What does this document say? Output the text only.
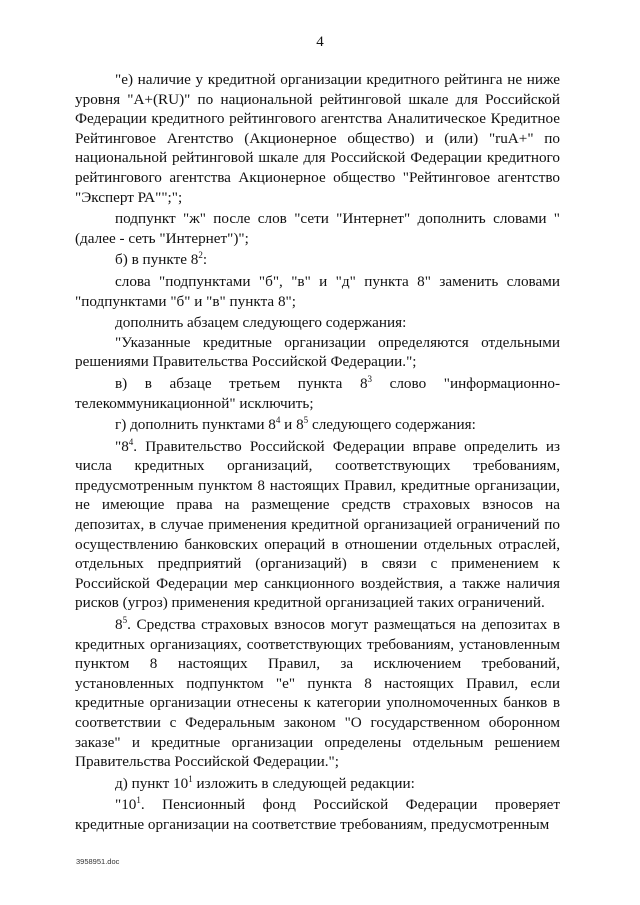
4

"е) наличие у кредитной организации кредитного рейтинга не ниже уровня "A+(RU)" по национальной рейтинговой шкале для Российской Федерации кредитного рейтингового агентства Аналитическое Кредитное Рейтинговое Агентство (Акционерное общество) и (или) "ruA+" по национальной рейтинговой шкале для Российской Федерации кредитного рейтингового агентства Акционерное общество "Рейтинговое агентство "Эксперт РА"";";

подпункт "ж" после слов "сети "Интернет" дополнить словами "(далее - сеть "Интернет")";

б) в пункте $8^2$:

слова "подпунктами "б", "в" и "д" пункта 8" заменить словами "подпунктами "б" и "в" пункта 8";

дополнить абзацем следующего содержания:

"Указанные кредитные организации определяются отдельными решениями Правительства Российской Федерации.";

в) в абзаце третьем пункта $8^3$ слово "информационно-телекоммуникационной" исключить;

г) дополнить пунктами $8^4$ и $8^5$ следующего содержания:

"$8^4$. Правительство Российской Федерации вправе определить из числа кредитных организаций, соответствующих требованиям, предусмотренным пунктом 8 настоящих Правил, кредитные организации, не имеющие права на размещение средств страховых взносов на депозитах, в случае применения кредитной организацией ограничений по осуществлению банковских операций в отношении отдельных отраслей, отдельных предприятий (организаций) в связи с применением к Российской Федерации мер санкционного воздействия, а также наличия рисков (угроз) применения кредитной организацией таких ограничений.

$8^5$. Средства страховых взносов могут размещаться на депозитах в кредитных организациях, соответствующих требованиям, установленным пунктом 8 настоящих Правил, за исключением требований, установленных подпунктом "е" пункта 8 настоящих Правил, если кредитные организации отнесены к категории уполномоченных банков в соответствии с Федеральным законом "О государственном оборонном заказе" и кредитные организации определены отдельным решением Правительства Российской Федерации.";

д) пункт $10^1$ изложить в следующей редакции:

"$10^1$. Пенсионный фонд Российской Федерации проверяет кредитные организации на соответствие требованиям, предусмотренным

3958951.doc
